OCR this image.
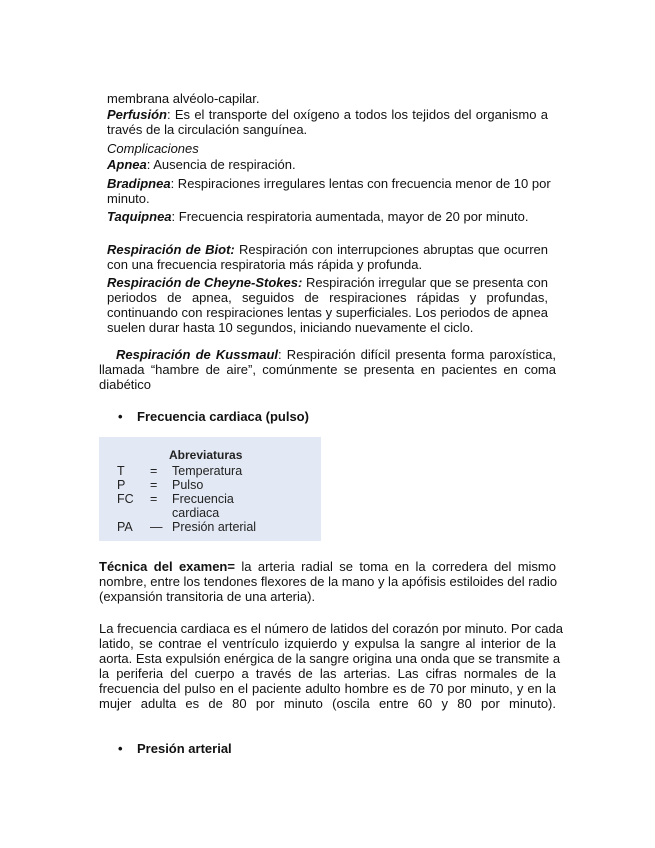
membrana alvéolo-capilar.
Perfusión: Es el transporte del oxígeno a todos los tejidos del organismo a
través de la circulación sanguínea.
Complicaciones
Apnea: Ausencia de respiración.
Bradipnea: Respiraciones irregulares lentas con frecuencia menor de 10 por
minuto.
Taquipnea: Frecuencia respiratoria aumentada, mayor de 20 por minuto.
Respiración de Biot: Respiración con interrupciones abruptas que ocurren
con una frecuencia respiratoria más rápida y profunda.
Respiración de Cheyne-Stokes: Respiración irregular que se presenta con
periodos de apnea, seguidos de respiraciones rápidas y profundas,
continuando con respiraciones lentas y superficiales. Los periodos de apnea
suelen durar hasta 10 segundos, iniciando nuevamente el ciclo.
Respiración de Kussmaul: Respiración difícil presenta forma paroxística,
llamada “hambre de aire”, comúnmente se presenta en pacientes en coma
diabético
• Frecuencia cardiaca (pulso)
Abreviaturas
T = Temperatura
P = Pulso
FC = Frecuencia
cardiaca
PA — Presión arterial
Técnica del examen= la arteria radial se toma en la corredera del mismo
nombre, entre los tendones flexores de la mano y la apófisis estiloides del radio
(expansión transitoria de una arteria).
La frecuencia cardiaca es el número de latidos del corazón por minuto. Por cada
latido, se contrae el ventrículo izquierdo y expulsa la sangre al interior de la
aorta. Esta expulsión enérgica de la sangre origina una onda que se transmite a
la periferia del cuerpo a través de las arterias. Las cifras normales de la
frecuencia del pulso en el paciente adulto hombre es de 70 por minuto, y en la
mujer adulta es de 80 por minuto (oscila entre 60 y 80 por minuto).
• Presión arterial
